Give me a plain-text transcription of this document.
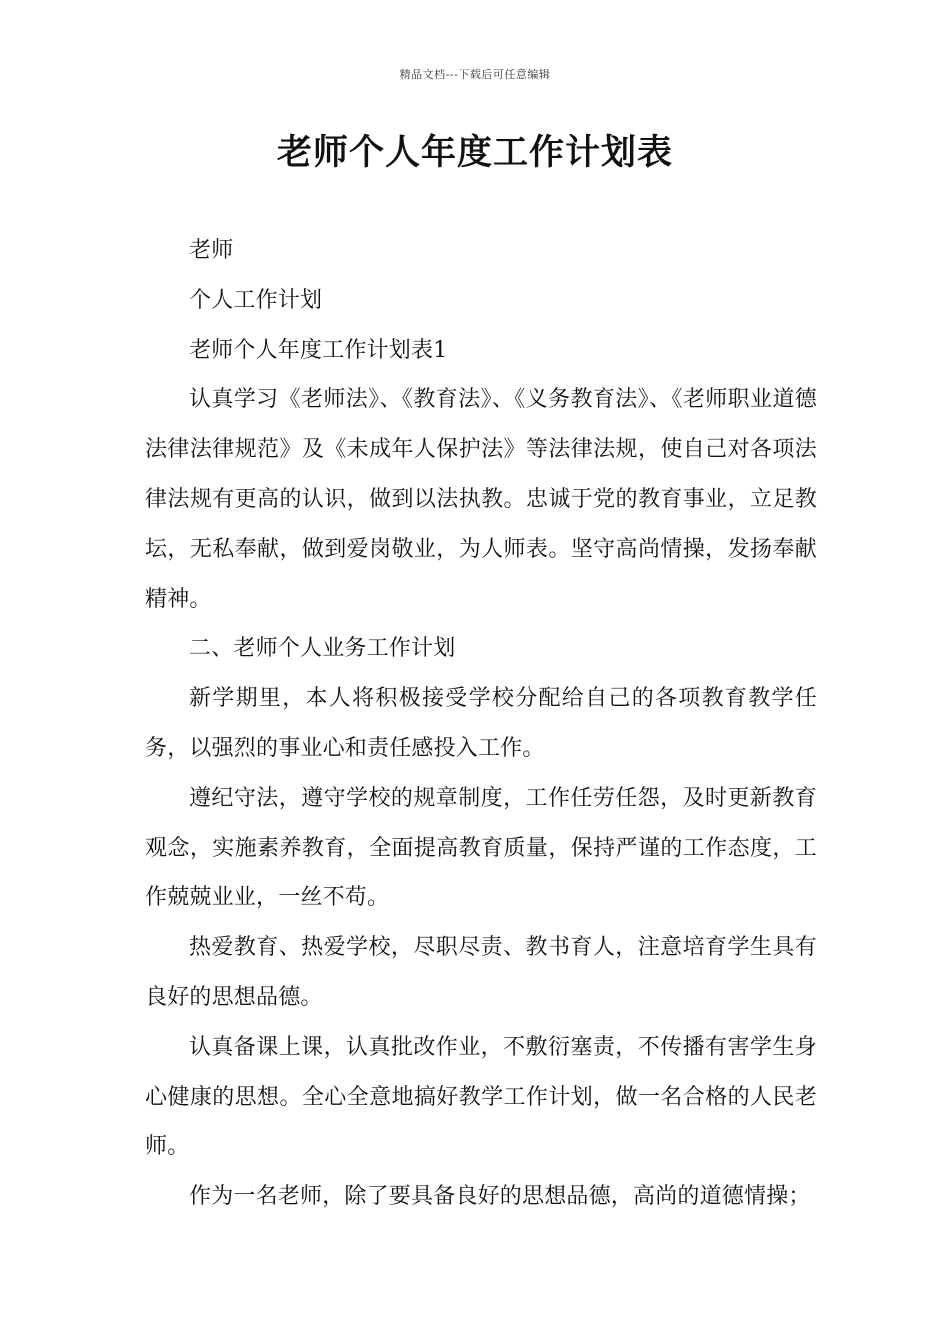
精品文档---下载后可任意编辑
老师个人年度工作计划表

老师

个人工作计划

老师个人年度工作计划表1

认真学习《老师法》、《教育法》、《义务教育法》、《老师职业道德法律法律规范》及《未成年人保护法》等法律法规，使自己对各项法律法规有更高的认识，做到以法执教。忠诚于党的教育事业，立足教坛，无私奉献，做到爱岗敬业，为人师表。坚守高尚情操，发扬奉献精神。

二、老师个人业务工作计划

新学期里，本人将积极接受学校分配给自己的各项教育教学任务，以强烈的事业心和责任感投入工作。

遵纪守法，遵守学校的规章制度，工作任劳任怨，及时更新教育观念，实施素养教育，全面提高教育质量，保持严谨的工作态度，工作兢兢业业，一丝不苟。

热爱教育、热爱学校，尽职尽责、教书育人，注意培育学生具有良好的思想品德。

认真备课上课，认真批改作业，不敷衍塞责，不传播有害学生身心健康的思想。全心全意地搞好教学工作计划，做一名合格的人民老师。

作为一名老师，除了要具备良好的思想品德，高尚的道德情操；
